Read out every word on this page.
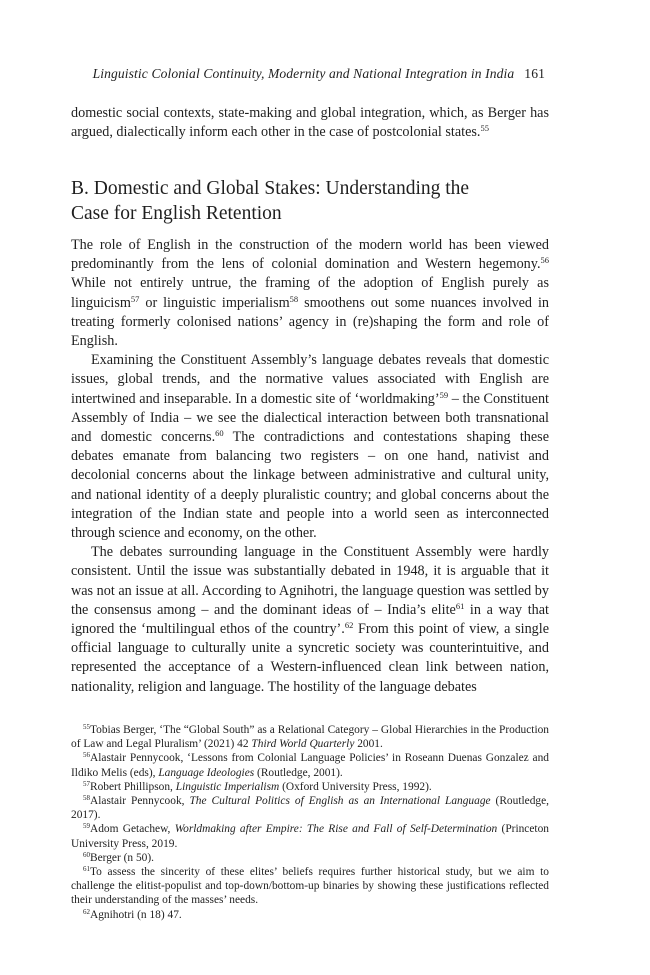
Linguistic Colonial Continuity, Modernity and National Integration in India 161

domestic social contexts, state-making and global integration, which, as Berger has argued, dialectically inform each other in the case of postcolonial states.$^{55}$

B. Domestic and Global Stakes: Understanding the Case for English Retention

The role of English in the construction of the modern world has been viewed predominantly from the lens of colonial domination and Western hegemony.$^{56}$ While not entirely untrue, the framing of the adoption of English purely as linguicism$^{57}$ or linguistic imperialism$^{58}$ smoothens out some nuances involved in treating formerly colonised nations’ agency in (re)shaping the form and role of English.

Examining the Constituent Assembly’s language debates reveals that domestic issues, global trends, and the normative values associated with English are intertwined and inseparable. In a domestic site of ‘worldmaking’$^{59}$ – the Constituent Assembly of India – we see the dialectical interaction between both transnational and domestic concerns.$^{60}$ The contradictions and contestations shaping these debates emanate from balancing two registers – on one hand, nativist and decolonial concerns about the linkage between administrative and cultural unity, and national identity of a deeply pluralistic country; and global concerns about the integration of the Indian state and people into a world seen as interconnected through science and economy, on the other.

The debates surrounding language in the Constituent Assembly were hardly consistent. Until the issue was substantially debated in 1948, it is arguable that it was not an issue at all. According to Agnihotri, the language question was settled by the consensus among – and the dominant ideas of – India’s elite$^{61}$ in a way that ignored the ‘multilingual ethos of the country’.$^{62}$ From this point of view, a single official language to culturally unite a syncretic society was counterintuitive, and represented the acceptance of a Western-influenced clean link between nation, nationality, religion and language. The hostility of the language debates

$^{55}$Tobias Berger, ‘The “Global South” as a Relational Category – Global Hierarchies in the Production of Law and Legal Pluralism’ (2021) 42 Third World Quarterly 2001.

$^{56}$Alastair Pennycook, ‘Lessons from Colonial Language Policies’ in Roseann Duenas Gonzalez and Ildiko Melis (eds), Language Ideologies (Routledge, 2001).

$^{57}$Robert Phillipson, Linguistic Imperialism (Oxford University Press, 1992).

$^{58}$Alastair Pennycook, The Cultural Politics of English as an International Language (Routledge, 2017).

$^{59}$Adom Getachew, Worldmaking after Empire: The Rise and Fall of Self-Determination (Princeton University Press, 2019.

$^{60}$Berger (n 50).

$^{61}$To assess the sincerity of these elites’ beliefs requires further historical study, but we aim to challenge the elitist-populist and top-down/bottom-up binaries by showing these justifications reflected their understanding of the masses’ needs.

$^{62}$Agnihotri (n 18) 47.
